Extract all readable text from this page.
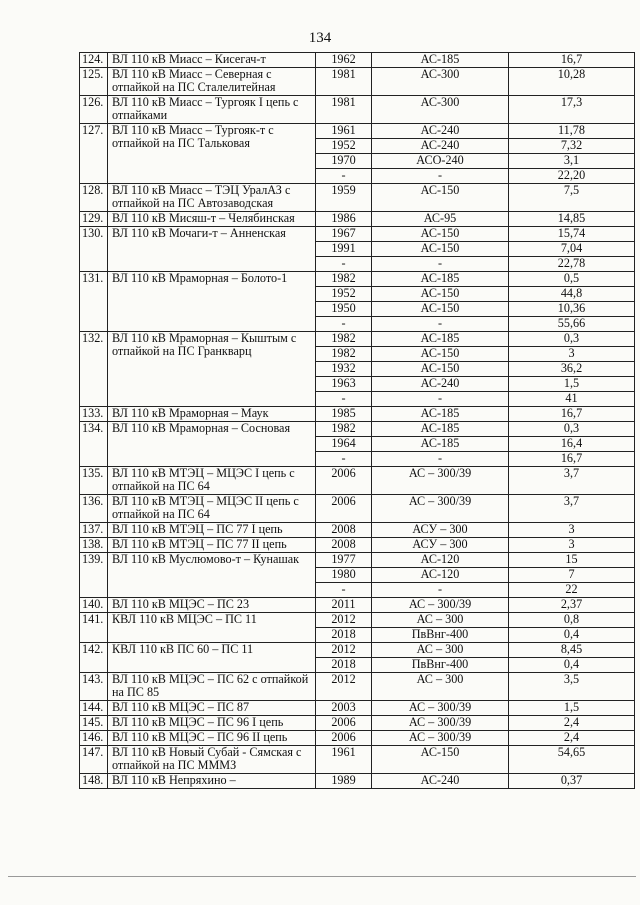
134
124.	ВЛ 110 кВ Миасс – Кисегач-т	1962	АС-185	16,7
125.	ВЛ 110 кВ Миасс – Северная с отпайкой на ПС Сталелитейная	1981	АС-300	10,28
126.	ВЛ 110 кВ Миасс – Тургояк I цепь с отпайками	1981	АС-300	17,3
127.	ВЛ 110 кВ Миасс – Тургояк-т с отпайкой на ПС Тальковая	1961	АС-240	11,78
		1952	АС-240	7,32
		1970	АСО-240	3,1
		-	-	22,20
128.	ВЛ 110 кВ Миасс – ТЭЦ УралАЗ с отпайкой на ПС Автозаводская	1959	АС-150	7,5
129.	ВЛ 110 кВ Мисяш-т – Челябинская	1986	АС-95	14,85
130.	ВЛ 110 кВ Мочаги-т – Анненская	1967	АС-150	15,74
		1991	АС-150	7,04
		-	-	22,78
131.	ВЛ 110 кВ Мраморная – Болото-1	1982	АС-185	0,5
		1952	АС-150	44,8
		1950	АС-150	10,36
		-	-	55,66
132.	ВЛ 110 кВ Мраморная – Кыштым с отпайкой на ПС Гранкварц	1982	АС-185	0,3
		1982	АС-150	3
		1932	АС-150	36,2
		1963	АС-240	1,5
		-	-	41
133.	ВЛ 110 кВ Мраморная – Маук	1985	АС-185	16,7
134.	ВЛ 110 кВ Мраморная – Сосновая	1982	АС-185	0,3
		1964	АС-185	16,4
		-	-	16,7
135.	ВЛ 110 кВ МТЭЦ – МЦЭС I цепь с отпайкой на ПС 64	2006	АС – 300/39	3,7
136.	ВЛ 110 кВ МТЭЦ – МЦЭС II цепь с отпайкой на ПС 64	2006	АС – 300/39	3,7
137.	ВЛ 110 кВ МТЭЦ – ПС 77 I цепь	2008	АСУ – 300	3
138.	ВЛ 110 кВ МТЭЦ – ПС 77 II цепь	2008	АСУ – 300	3
139.	ВЛ 110 кВ Муслюмово-т – Кунашак	1977	АС-120	15
		1980	АС-120	7
		-	-	22
140.	ВЛ 110 кВ МЦЭС – ПС 23	2011	АС – 300/39	2,37
141.	КВЛ 110 кВ МЦЭС – ПС 11	2012	АС – 300	0,8
		2018	ПвВнг-400	0,4
142.	КВЛ 110 кВ ПС 60 – ПС 11	2012	АС – 300	8,45
		2018	ПвВнг-400	0,4
143.	ВЛ 110 кВ МЦЭС – ПС 62 с отпайкой на ПС 85	2012	АС – 300	3,5
144.	ВЛ 110 кВ МЦЭС – ПС 87	2003	АС – 300/39	1,5
145.	ВЛ 110 кВ МЦЭС – ПС 96 I цепь	2006	АС – 300/39	2,4
146.	ВЛ 110 кВ МЦЭС – ПС 96 II цепь	2006	АС – 300/39	2,4
147.	ВЛ 110 кВ Новый Субай - Сямская с отпайкой на ПС МММЗ	1961	АС-150	54,65
148.	ВЛ 110 кВ Непряхино –	1989	АС-240	0,37
